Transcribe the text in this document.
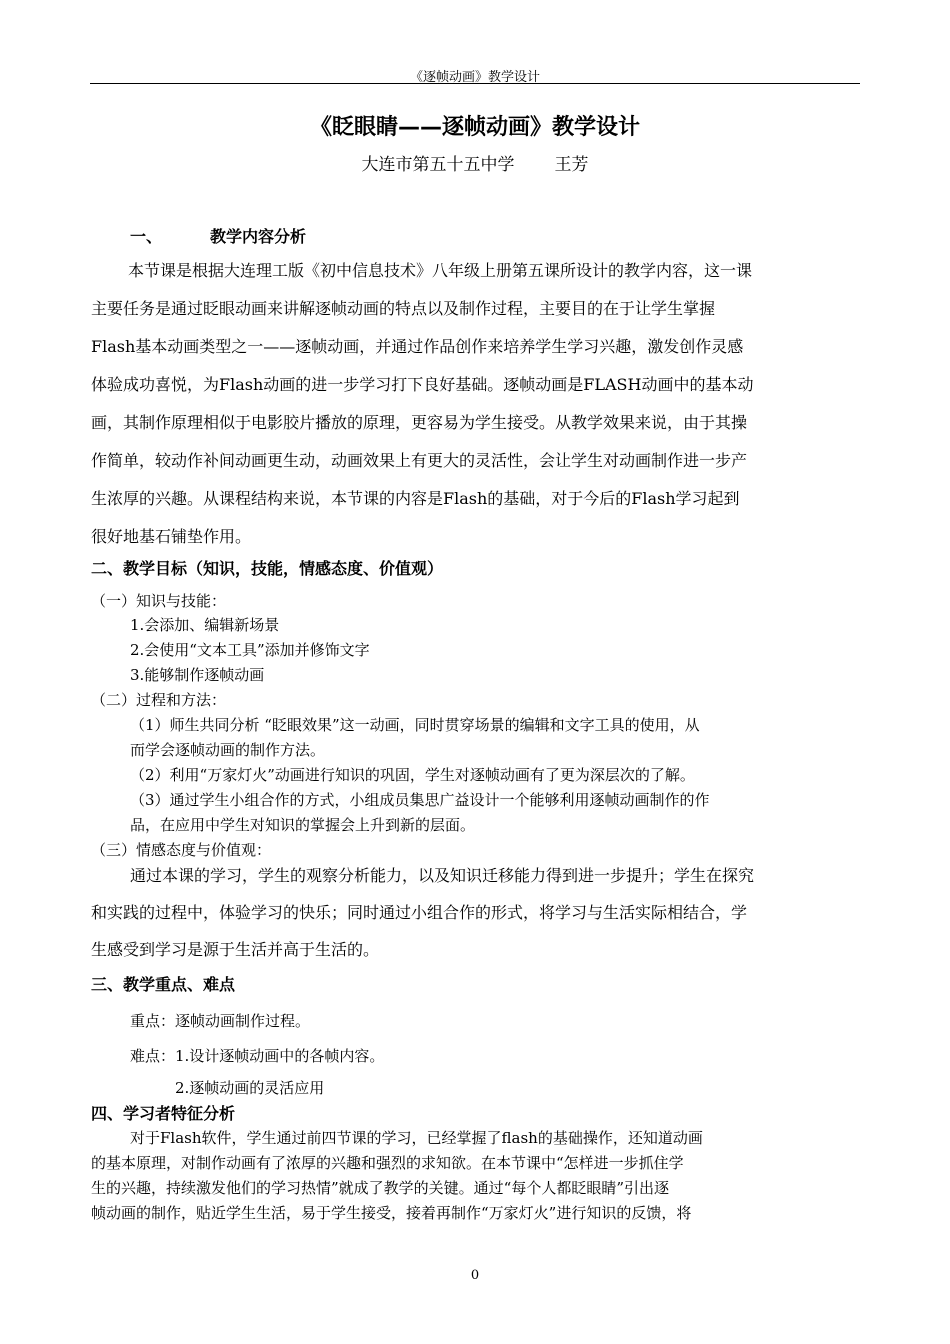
《逐帧动画》教学设计
《眨眼睛——逐帧动画》教学设计
大连市第五十五中学 王芳
一、	教学内容分析
本节课是根据大连理工版《初中信息技术》八年级上册第五课所设计的教学内容，这一课
主要任务是通过眨眼动画来讲解逐帧动画的特点以及制作过程，主要目的在于让学生掌握
Flash基本动画类型之一——逐帧动画，并通过作品创作来培养学生学习兴趣，激发创作灵感
体验成功喜悦，为Flash动画的进一步学习打下良好基础。逐帧动画是FLASH动画中的基本动
画，其制作原理相似于电影胶片播放的原理，更容易为学生接受。从教学效果来说，由于其操
作简单，较动作补间动画更生动，动画效果上有更大的灵活性，会让学生对动画制作进一步产
生浓厚的兴趣。从课程结构来说，本节课的内容是Flash的基础，对于今后的Flash学习起到
很好地基石铺垫作用。
二、教学目标（知识，技能，情感态度、价值观）
（一）知识与技能：
1.会添加、编辑新场景
2.会使用“文本工具”添加并修饰文字
3.能够制作逐帧动画
（二）过程和方法：
（1）师生共同分析 “眨眼效果”这一动画，同时贯穿场景的编辑和文字工具的使用，从
而学会逐帧动画的制作方法。
（2）利用“万家灯火”动画进行知识的巩固，学生对逐帧动画有了更为深层次的了解。
（3）通过学生小组合作的方式，小组成员集思广益设计一个能够利用逐帧动画制作的作
品，在应用中学生对知识的掌握会上升到新的层面。
（三）情感态度与价值观：
通过本课的学习，学生的观察分析能力，以及知识迁移能力得到进一步提升；学生在探究
和实践的过程中，体验学习的快乐；同时通过小组合作的形式，将学习与生活实际相结合，学
生感受到学习是源于生活并高于生活的。
三、教学重点、难点
重点：逐帧动画制作过程。
难点：1.设计逐帧动画中的各帧内容。
2.逐帧动画的灵活应用
四、学习者特征分析
对于Flash软件，学生通过前四节课的学习，已经掌握了flash的基础操作，还知道动画
的基本原理，对制作动画有了浓厚的兴趣和强烈的求知欲。在本节课中“怎样进一步抓住学
生的兴趣，持续激发他们的学习热情”就成了教学的关键。通过“每个人都眨眼睛”引出逐
帧动画的制作，贴近学生生活，易于学生接受，接着再制作“万家灯火”进行知识的反馈，将
0
